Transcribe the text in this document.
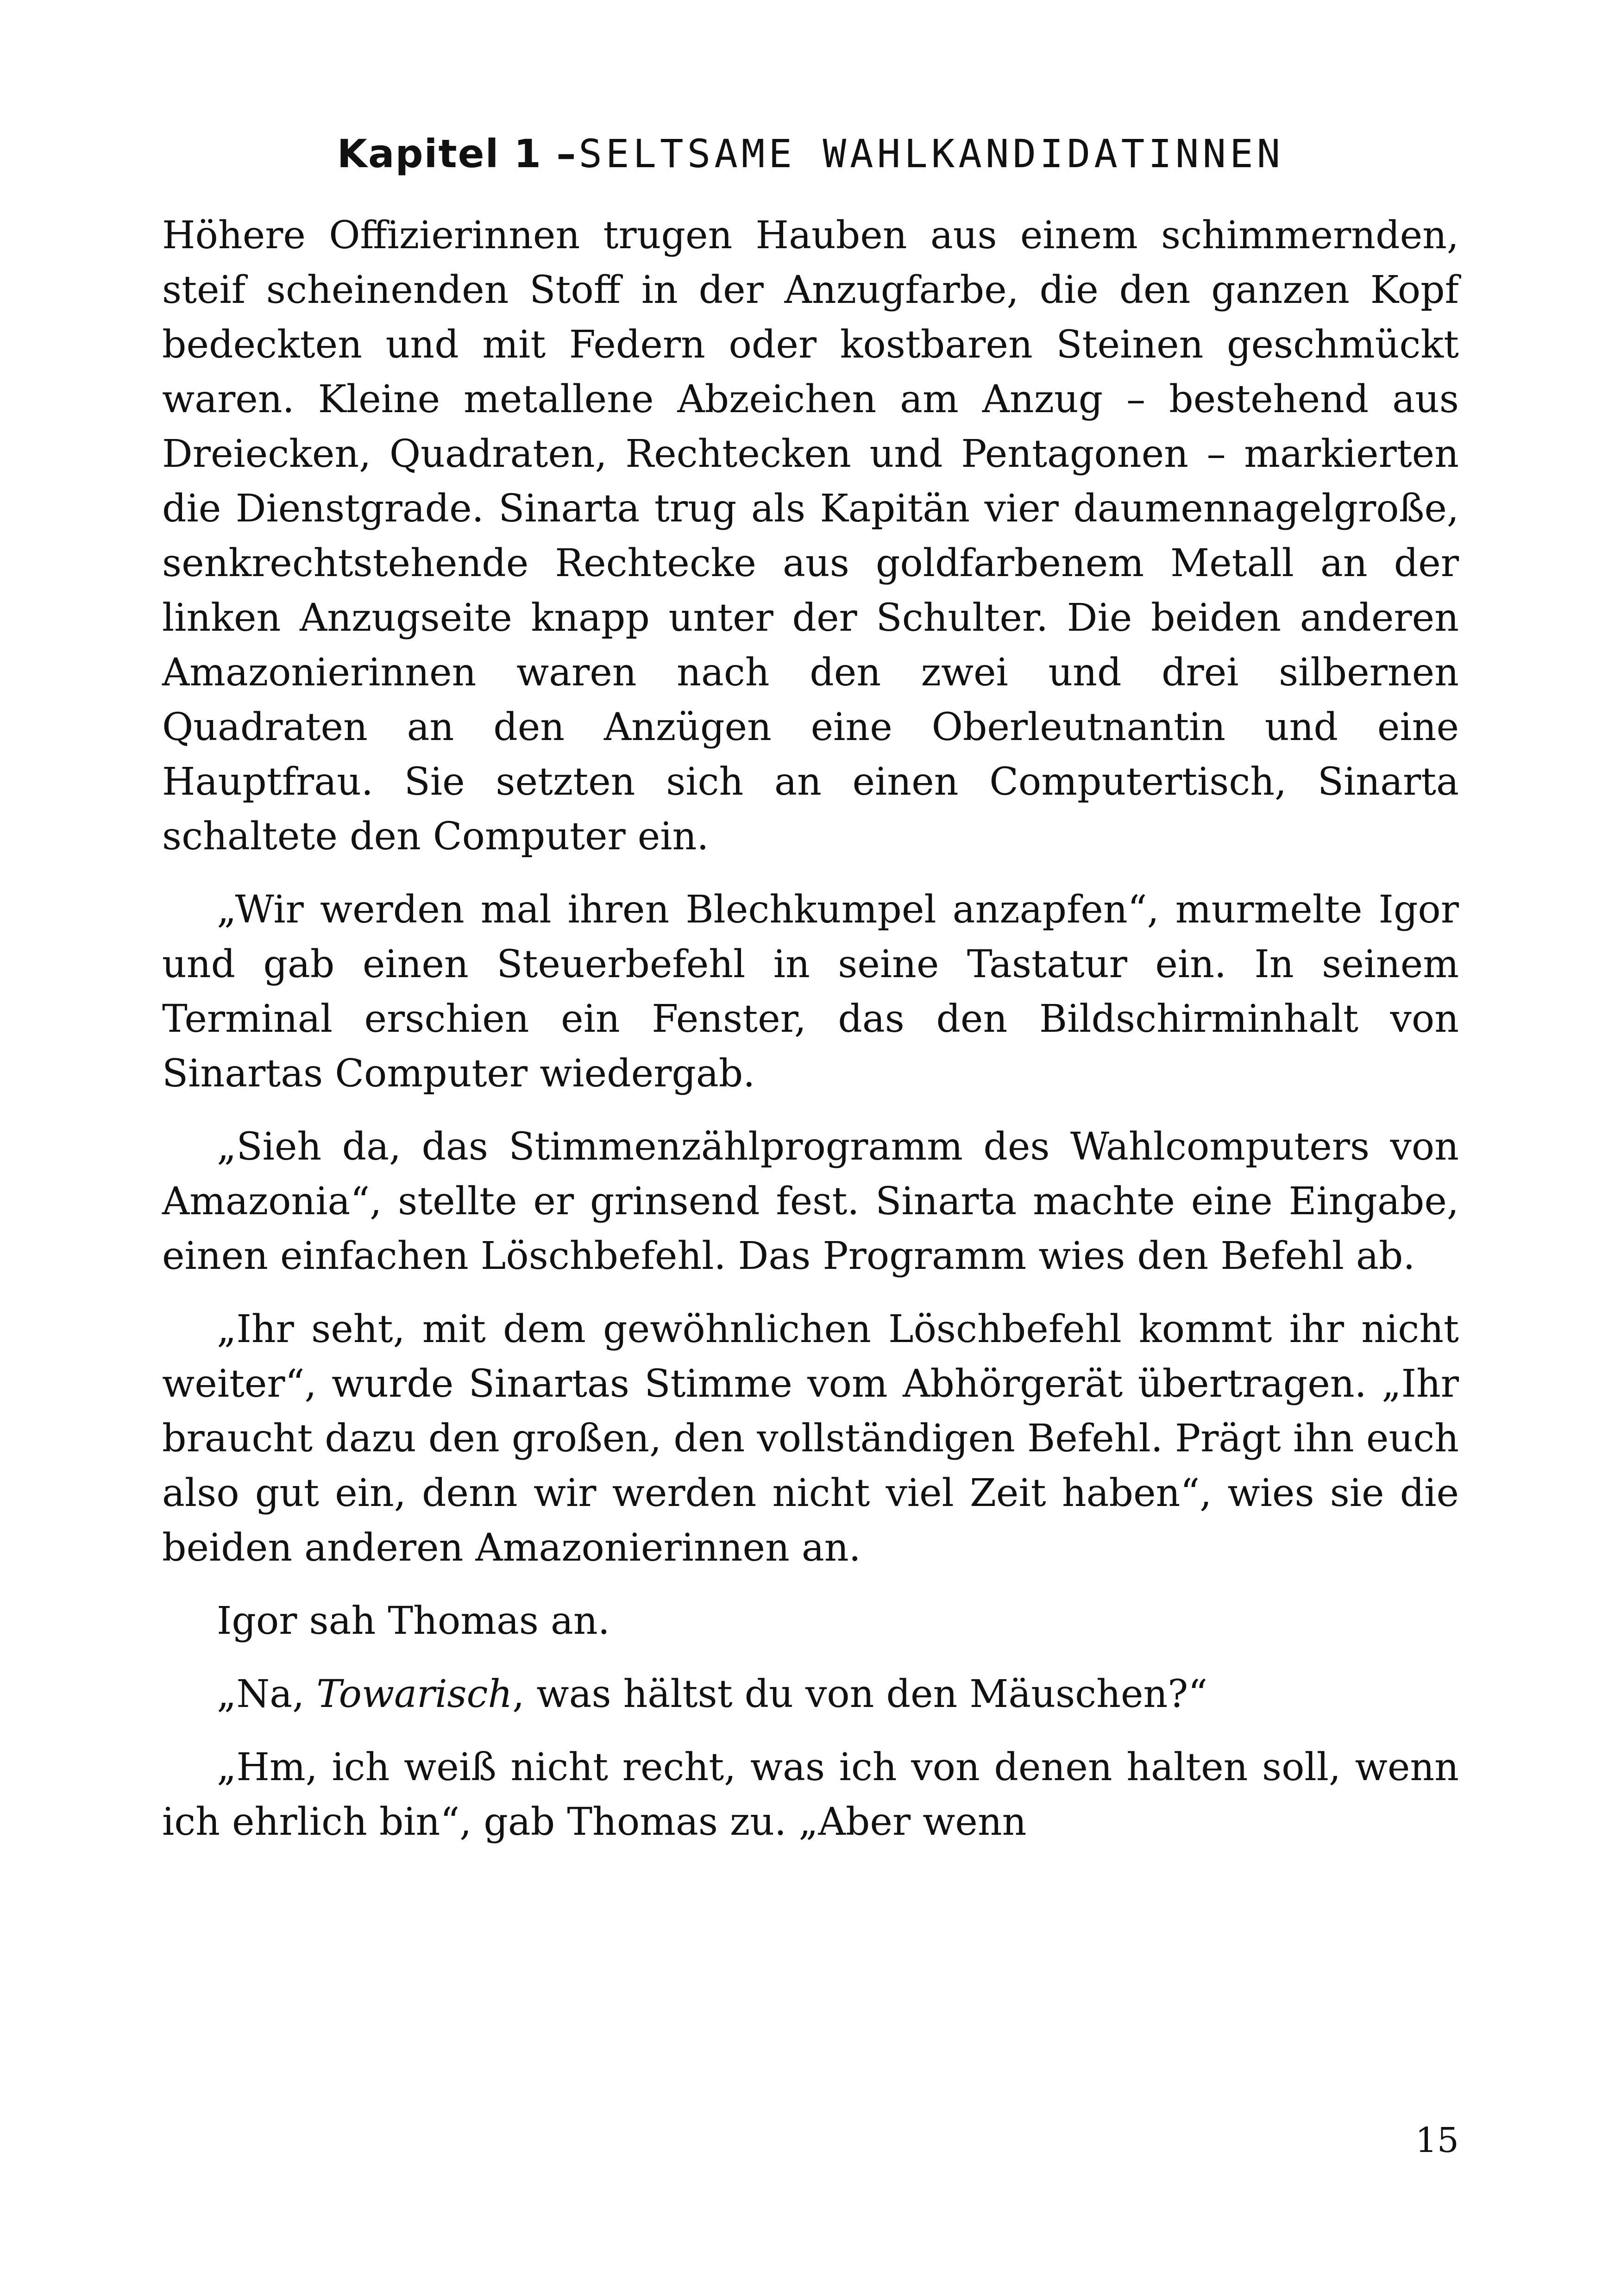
Kapitel 1 – SELTSAME WAHLKANDIDATINNEN

Höhere Offizierinnen trugen Hauben aus einem schimmernden, steif scheinenden Stoff in der Anzugfarbe, die den ganzen Kopf bedeckten und mit Federn oder kostbaren Steinen geschmückt waren. Kleine metallene Abzeichen am Anzug – bestehend aus Dreiecken, Quadraten, Rechtecken und Pentagonen – markierten die Dienstgrade. Sinarta trug als Kapitän vier daumennagelgroße, senkrechtstehende Rechtecke aus goldfarbenem Metall an der linken Anzugseite knapp unter der Schulter. Die beiden anderen Amazonierinnen waren nach den zwei und drei silbernen Quadraten an den Anzügen eine Oberleutnantin und eine Hauptfrau. Sie setzten sich an einen Computertisch, Sinarta schaltete den Computer ein.

„Wir werden mal ihren Blechkumpel anzapfen“, murmelte Igor und gab einen Steuerbefehl in seine Tastatur ein. In seinem Terminal erschien ein Fenster, das den Bildschirminhalt von Sinartas Computer wiedergab.

„Sieh da, das Stimmenzählprogramm des Wahlcomputers von Amazonia“, stellte er grinsend fest. Sinarta machte eine Eingabe, einen einfachen Löschbefehl. Das Programm wies den Befehl ab.

„Ihr seht, mit dem gewöhnlichen Löschbefehl kommt ihr nicht weiter“, wurde Sinartas Stimme vom Abhörgerät übertragen. „Ihr braucht dazu den großen, den vollständigen Befehl. Prägt ihn euch also gut ein, denn wir werden nicht viel Zeit haben“, wies sie die beiden anderen Amazonierinnen an.

Igor sah Thomas an.

„Na, Towarisch, was hältst du von den Mäuschen?“

„Hm, ich weiß nicht recht, was ich von denen halten soll, wenn ich ehrlich bin“, gab Thomas zu. „Aber wenn

15
